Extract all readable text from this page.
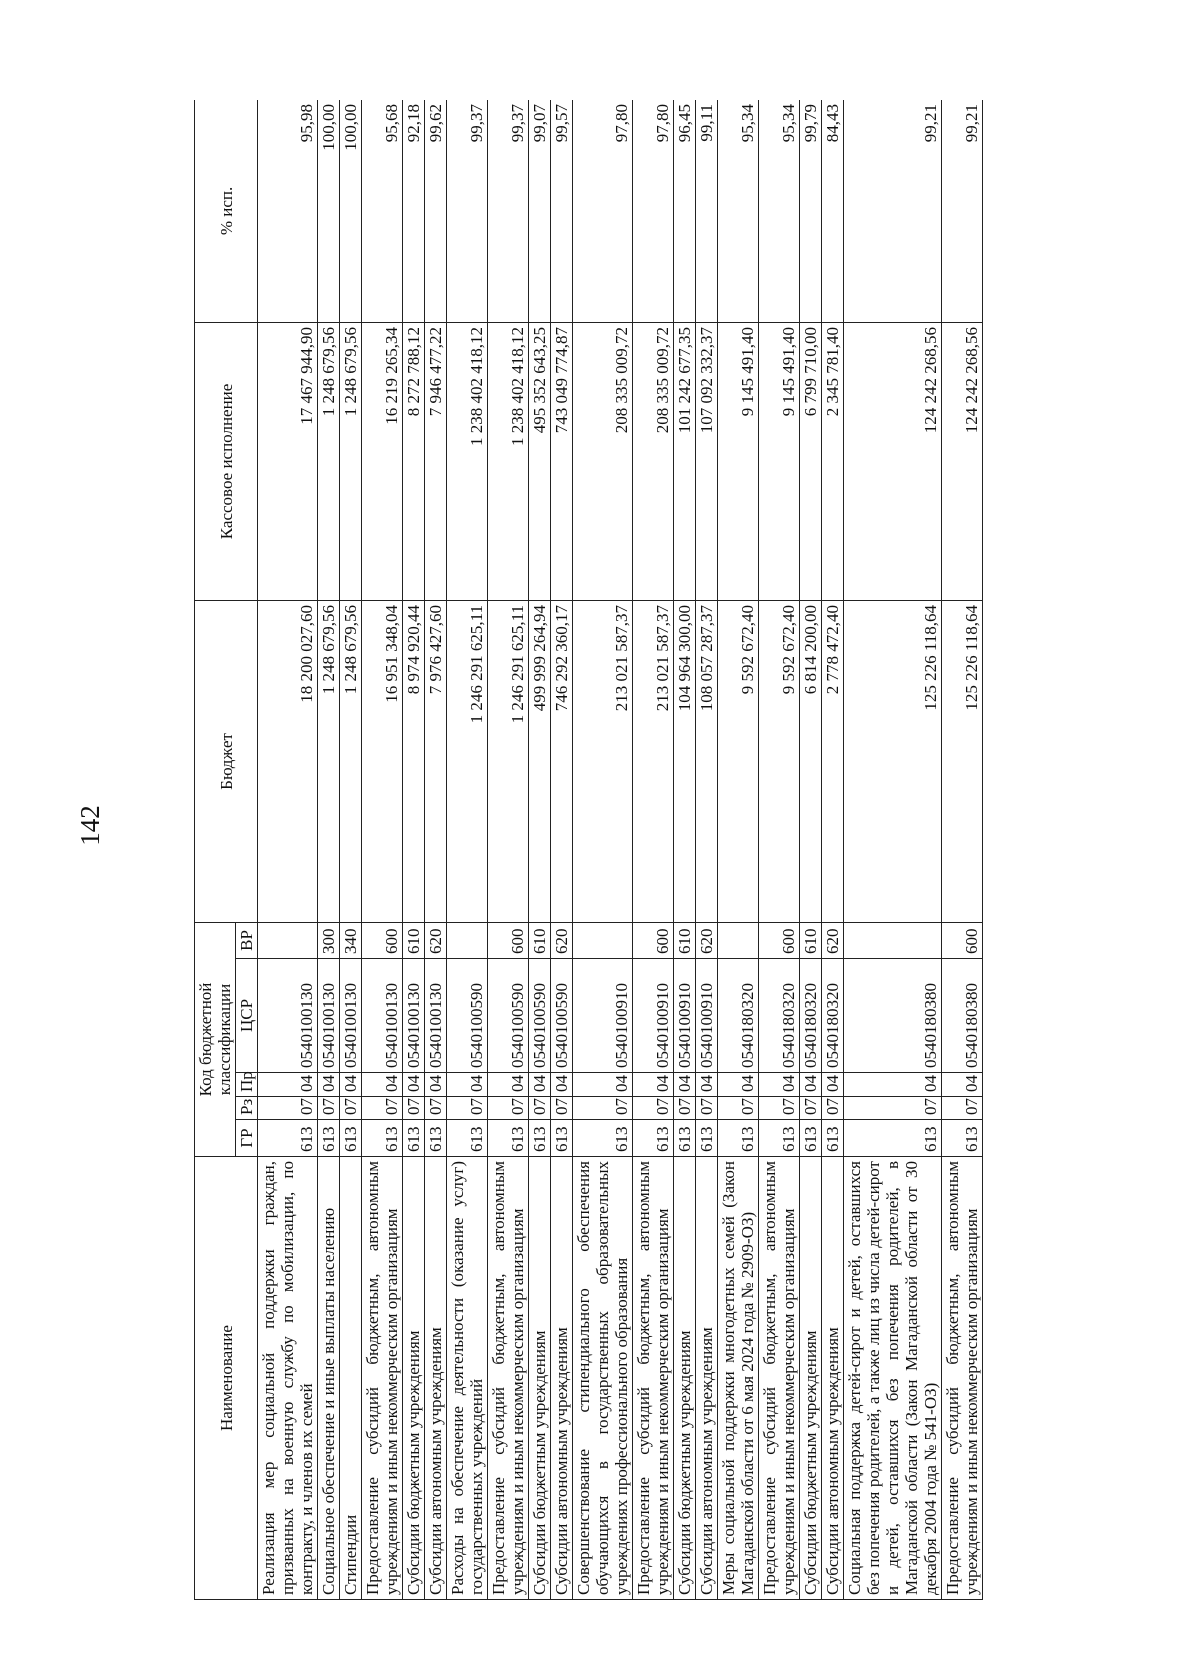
142
Наименование	Код бюджетной классификации					Бюджет	Кассовое исполнение	% исп.
	ГР	Рз	Пр	ЦСР	ВР			
Реализация мер социальной поддержки граждан, призванных на военную службу по мобилизации, по контракту, и членов их семей	613	07	04	0540100130		18 200 027,60	17 467 944,90	95,98
Социальное обеспечение и иные выплаты населению	613	07	04	0540100130	300	1 248 679,56	1 248 679,56	100,00
Стипендии	613	07	04	0540100130	340	1 248 679,56	1 248 679,56	100,00
Предоставление субсидий бюджетным, автономным учреждениям и иным некоммерческим организациям	613	07	04	0540100130	600	16 951 348,04	16 219 265,34	95,68
Субсидии бюджетным учреждениям	613	07	04	0540100130	610	8 974 920,44	8 272 788,12	92,18
Субсидии автономным учреждениям	613	07	04	0540100130	620	7 976 427,60	7 946 477,22	99,62
Расходы на обеспечение деятельности (оказание услуг) государственных учреждений	613	07	04	0540100590		1 246 291 625,11	1 238 402 418,12	99,37
Предоставление субсидий бюджетным, автономным учреждениям и иным некоммерческим организациям	613	07	04	0540100590	600	1 246 291 625,11	1 238 402 418,12	99,37
Субсидии бюджетным учреждениям	613	07	04	0540100590	610	499 999 264,94	495 352 643,25	99,07
Субсидии автономным учреждениям	613	07	04	0540100590	620	746 292 360,17	743 049 774,87	99,57
Совершенствование стипендиального обеспечения обучающихся в государственных образовательных учреждениях профессионального образования	613	07	04	0540100910		213 021 587,37	208 335 009,72	97,80
Предоставление субсидий бюджетным, автономным учреждениям и иным некоммерческим организациям	613	07	04	0540100910	600	213 021 587,37	208 335 009,72	97,80
Субсидии бюджетным учреждениям	613	07	04	0540100910	610	104 964 300,00	101 242 677,35	96,45
Субсидии автономным учреждениям	613	07	04	0540100910	620	108 057 287,37	107 092 332,37	99,11
Меры социальной поддержки многодетных семей (Закон Магаданской области от 6 мая 2024 года № 2909-ОЗ)	613	07	04	0540180320		9 592 672,40	9 145 491,40	95,34
Предоставление субсидий бюджетным, автономным учреждениям и иным некоммерческим организациям	613	07	04	0540180320	600	9 592 672,40	9 145 491,40	95,34
Субсидии бюджетным учреждениям	613	07	04	0540180320	610	6 814 200,00	6 799 710,00	99,79
Субсидии автономным учреждениям	613	07	04	0540180320	620	2 778 472,40	2 345 781,40	84,43
Социальная поддержка детей-сирот и детей, оставшихся без попечения родителей, а также лиц из числа детей-сирот и детей, оставшихся без попечения родителей, в Магаданской области (Закон Магаданской области от 30 декабря 2004 года № 541-ОЗ)	613	07	04	0540180380		125 226 118,64	124 242 268,56	99,21
Предоставление субсидий бюджетным, автономным учреждениям и иным некоммерческим организациям	613	07	04	0540180380	600	125 226 118,64	124 242 268,56	99,21
